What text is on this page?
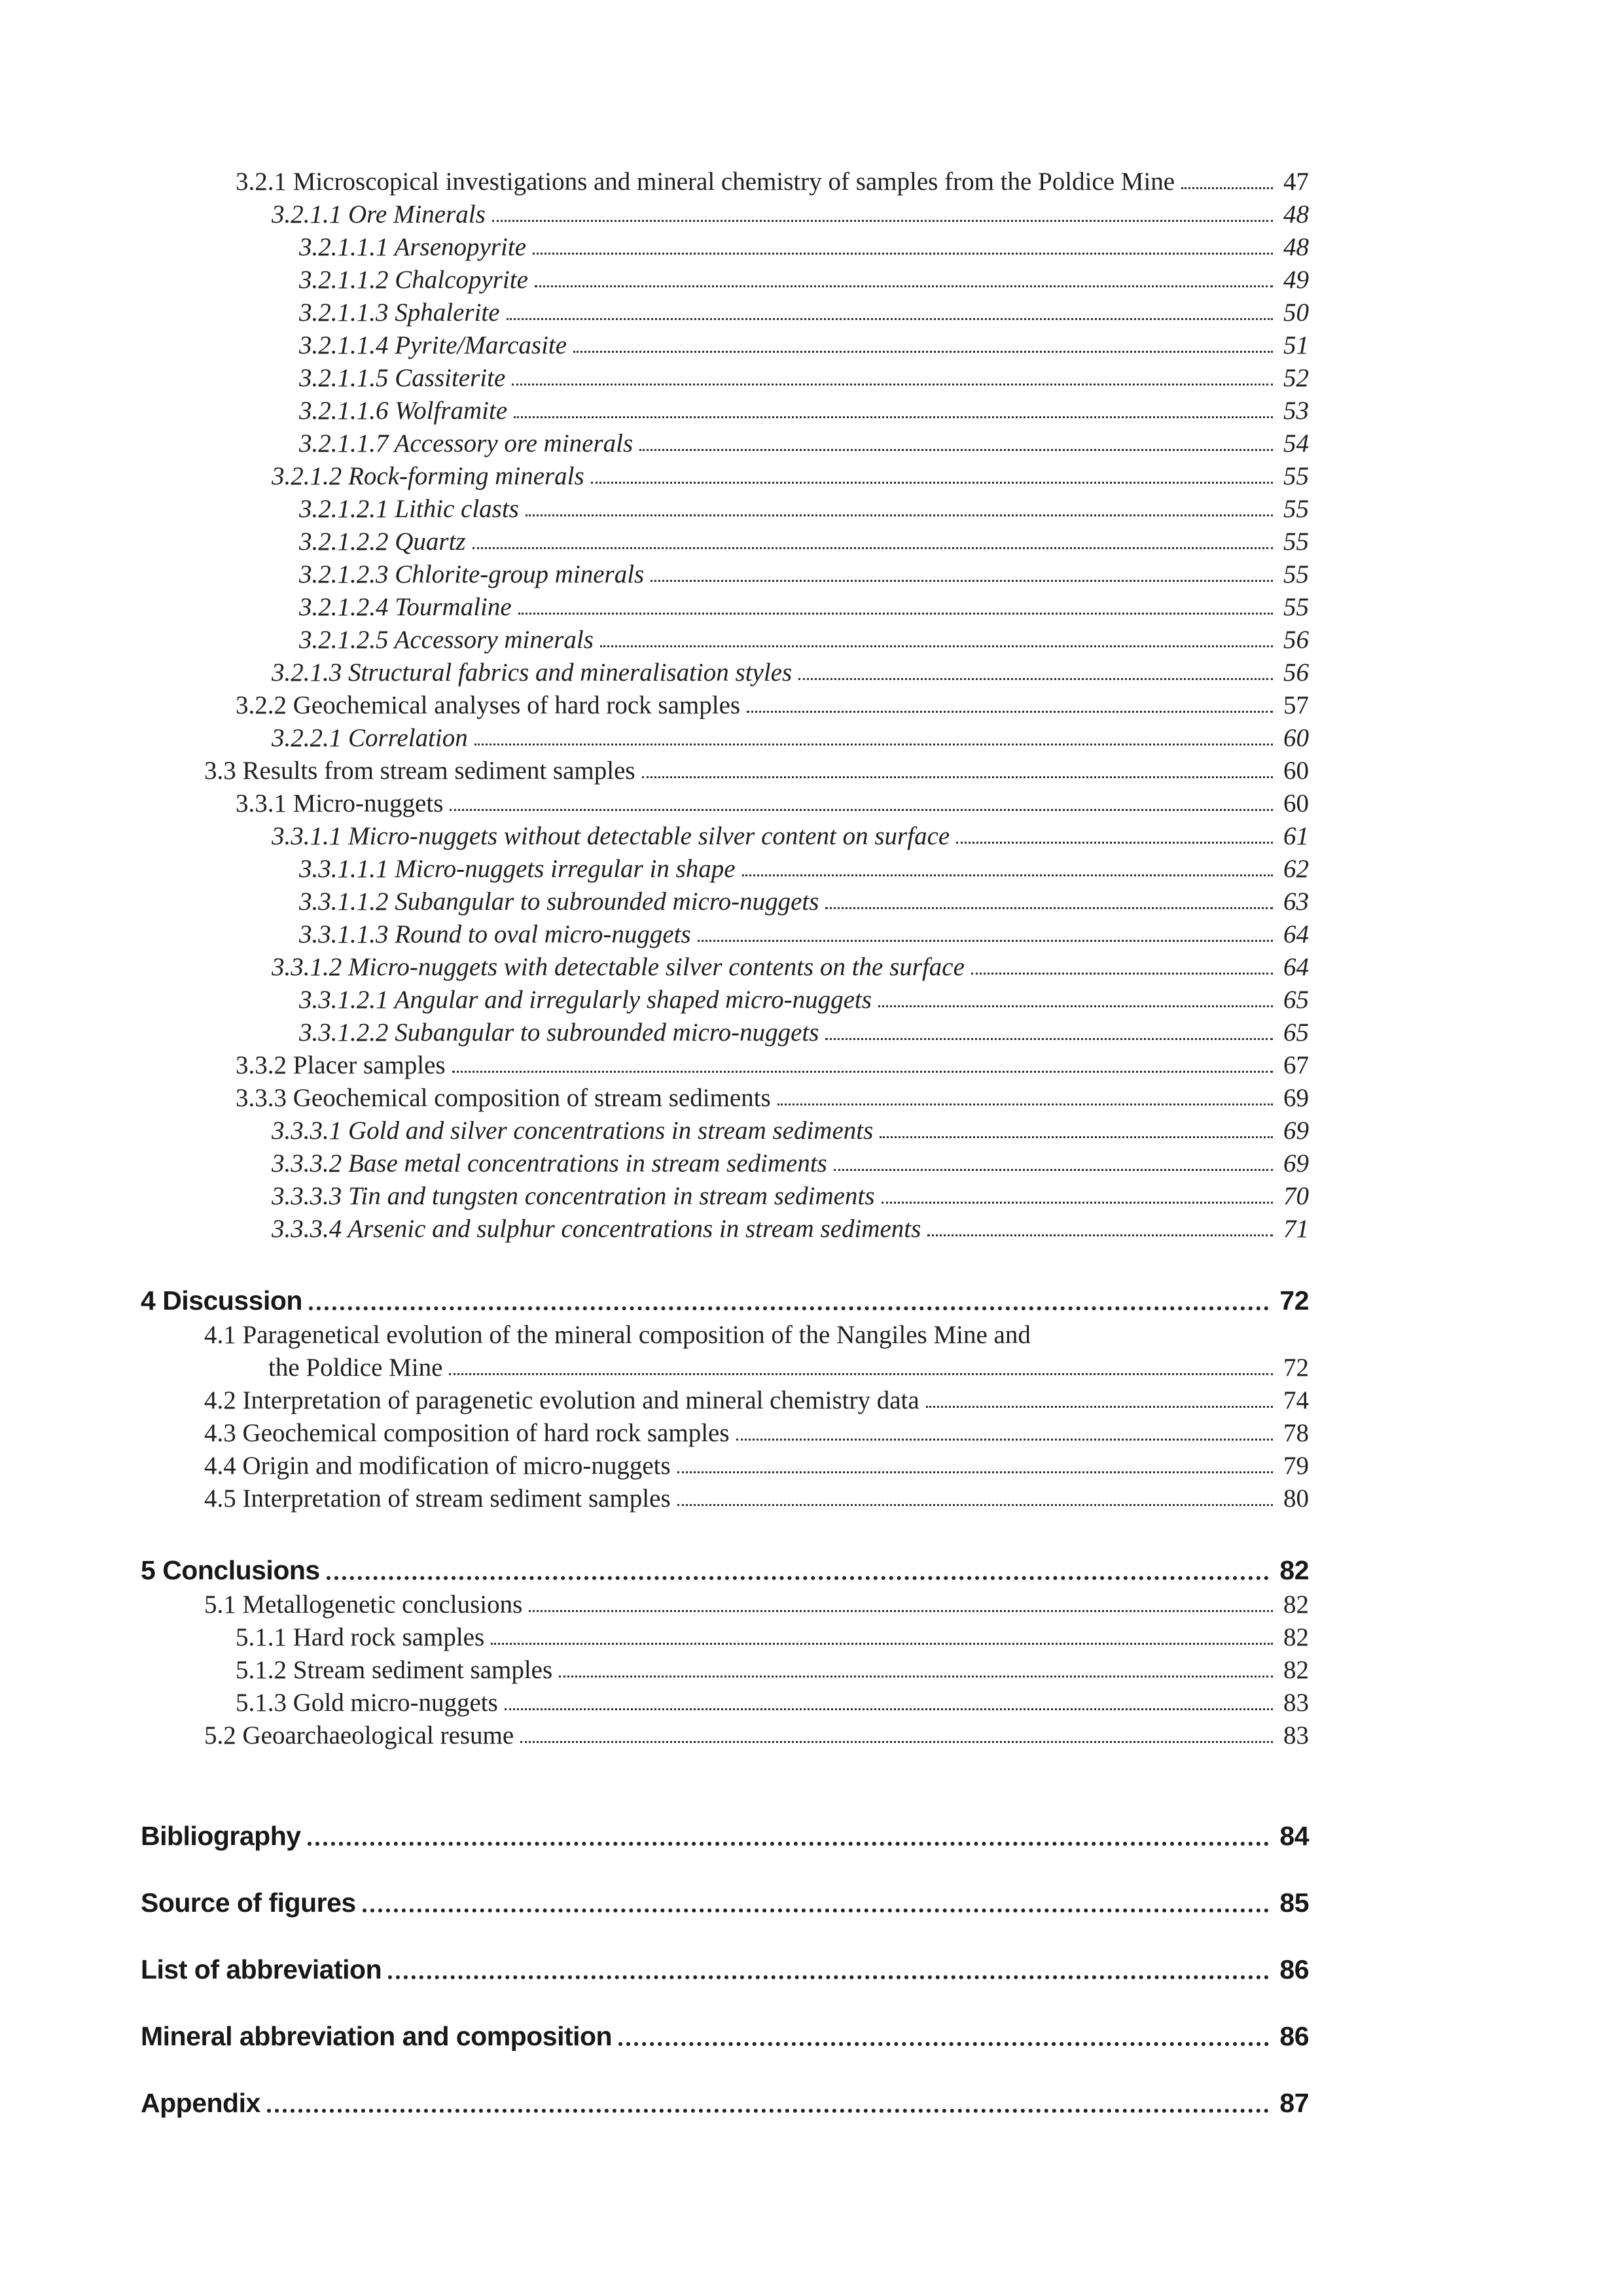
3.2.1 Microscopical investigations and mineral chemistry of samples from the Poldice Mine	47
3.2.1.1 Ore Minerals	48
3.2.1.1.1 Arsenopyrite	48
3.2.1.1.2 Chalcopyrite	49
3.2.1.1.3 Sphalerite	50
3.2.1.1.4 Pyrite/Marcasite	51
3.2.1.1.5 Cassiterite	52
3.2.1.1.6 Wolframite	53
3.2.1.1.7 Accessory ore minerals	54
3.2.1.2 Rock-forming minerals	55
3.2.1.2.1 Lithic clasts	55
3.2.1.2.2 Quartz	55
3.2.1.2.3 Chlorite-group minerals	55
3.2.1.2.4 Tourmaline	55
3.2.1.2.5 Accessory minerals	56
3.2.1.3 Structural fabrics and mineralisation styles	56
3.2.2 Geochemical analyses of hard rock samples	57
3.2.2.1 Correlation	60
3.3 Results from stream sediment samples	60
3.3.1 Micro-nuggets	60
3.3.1.1 Micro-nuggets without detectable silver content on surface	61
3.3.1.1.1 Micro-nuggets irregular in shape	62
3.3.1.1.2 Subangular to subrounded micro-nuggets	63
3.3.1.1.3 Round to oval micro-nuggets	64
3.3.1.2 Micro-nuggets with detectable silver contents on the surface	64
3.3.1.2.1 Angular and irregularly shaped micro-nuggets	65
3.3.1.2.2 Subangular to subrounded micro-nuggets	65
3.3.2 Placer samples	67
3.3.3 Geochemical composition of stream sediments	69
3.3.3.1 Gold and silver concentrations in stream sediments	69
3.3.3.2 Base metal concentrations in stream sediments	69
3.3.3.3 Tin and tungsten concentration in stream sediments	70
3.3.3.4 Arsenic and sulphur concentrations in stream sediments	71
4 Discussion	72
4.1 Paragenetical evolution of the mineral composition of the Nangiles Mine and
the Poldice Mine	72
4.2 Interpretation of paragenetic evolution and mineral chemistry data	74
4.3 Geochemical composition of hard rock samples	78
4.4 Origin and modification of micro-nuggets	79
4.5 Interpretation of stream sediment samples	80
5 Conclusions	82
5.1 Metallogenetic conclusions	82
5.1.1 Hard rock samples	82
5.1.2 Stream sediment samples	82
5.1.3 Gold micro-nuggets	83
5.2 Geoarchaeological resume	83
Bibliography	84
Source of figures	85
List of abbreviation	86
Mineral abbreviation and composition	86
Appendix	87
